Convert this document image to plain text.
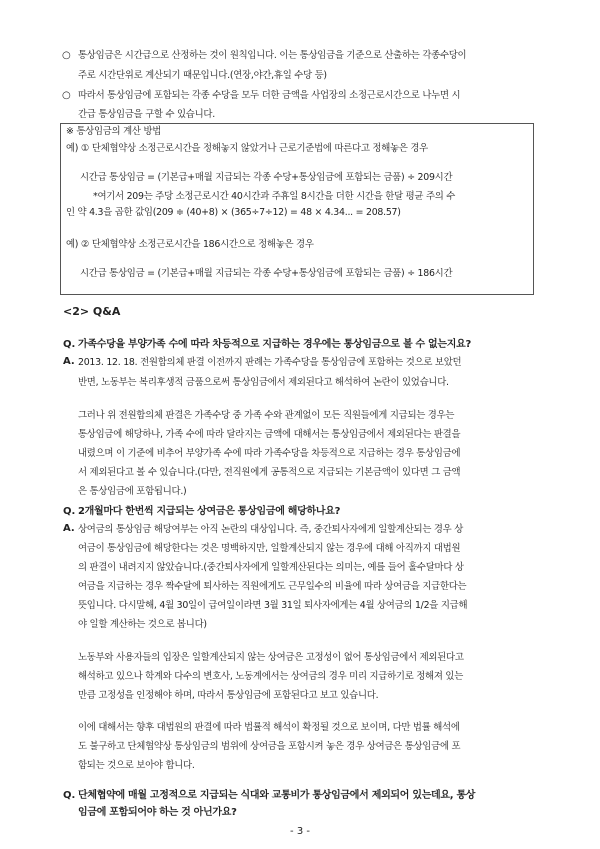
○ 통상임금은 시간급으로 산정하는 것이 원칙입니다. 이는 통상임금을 기준으로 산출하는 각종수당이
주로 시간단위로 계산되기 때문입니다.(연장,야간,휴일 수당 등)
○ 따라서 통상임금에 포함되는 각종 수당을 모두 더한 금액을 사업장의 소정근로시간으로 나누면 시
간급 통상임금을 구할 수 있습니다.
※ 통상임금의 계산 방법
예) ① 단체협약상 소정근로시간을 정해놓지 않았거나 근로기준법에 따른다고 정해놓은 경우
시간급 통상임금 = (기본급+매월 지급되는 각종 수당+통상임금에 포함되는 금품) ÷ 209시간
*여기서 209는 주당 소정근로시간 40시간과 주휴일 8시간을 더한 시간을 한달 평균 주의 수
인 약 4.3을 곱한 값임(209 ≑ (40+8) × (365÷7÷12) = 48 × 4.34... = 208.57)
예) ② 단체협약상 소정근로시간을 186시간으로 정해놓은 경우
시간급 통상임금 = (기본급+매월 지급되는 각종 수당+통상임금에 포함되는 금품) ÷ 186시간
<2> Q&A
Q. 가족수당을 부양가족 수에 따라 차등적으로 지급하는 경우에는 통상임금으로 볼 수 없는지요?
A. 2013. 12. 18. 전원합의체 판결 이전까지 판례는 가족수당을 통상임금에 포함하는 것으로 보았던
반면, 노동부는 복리후생적 금품으로써 통상임금에서 제외된다고 해석하여 논란이 있었습니다.
그러나 위 전원합의체 판결은 가족수당 중 가족 수와 관계없이 모든 직원들에게 지급되는 경우는
통상임금에 해당하나, 가족 수에 따라 달라지는 금액에 대해서는 통상임금에서 제외된다는 판결을
내렸으며 이 기준에 비추어 부양가족 수에 따라 가족수당을 차등적으로 지급하는 경우 통상임금에
서 제외된다고 볼 수 있습니다.(다만, 전직원에게 공통적으로 지급되는 기본금액이 있다면 그 금액
은 통상임금에 포함됩니다.)
Q. 2개월마다 한번씩 지급되는 상여금은 통상임금에 해당하나요?
A. 상여금의 통상임금 해당여부는 아직 논란의 대상입니다. 즉, 중간퇴사자에게 일할계산되는 경우 상
여금이 통상임금에 해당한다는 것은 명백하지만, 일할계산되지 않는 경우에 대해 아직까지 대법원
의 판결이 내려지지 않았습니다.(중간퇴사자에게 일할계산된다는 의미는, 예를 들어 홀수달마다 상
여금을 지급하는 경우 짝수달에 퇴사하는 직원에게도 근무일수의 비율에 따라 상여금을 지급한다는
뜻입니다. 다시말해, 4월 30일이 급여일이라면 3월 31일 퇴사자에게는 4월 상여금의 1/2을 지급해
야 일할 계산하는 것으로 봅니다)
노동부와 사용자들의 입장은 일할계산되지 않는 상여금은 고정성이 없어 통상임금에서 제외된다고
해석하고 있으나 학계와 다수의 변호사, 노동계에서는 상여금의 경우 미리 지급하기로 정해져 있는
만큼 고정성을 인정해야 하며, 따라서 통상임금에 포함된다고 보고 있습니다.
이에 대해서는 향후 대법원의 판결에 따라 법률적 해석이 확정될 것으로 보이며, 다만 법률 해석에
도 불구하고 단체협약상 통상임금의 범위에 상여금을 포함시켜 놓은 경우 상여금은 통상임금에 포
함되는 것으로 보아야 합니다.
Q. 단체협약에 매월 고정적으로 지급되는 식대와 교통비가 통상임금에서 제외되어 있는데요, 통상
임금에 포함되어야 하는 것 아닌가요?
- 3 -
